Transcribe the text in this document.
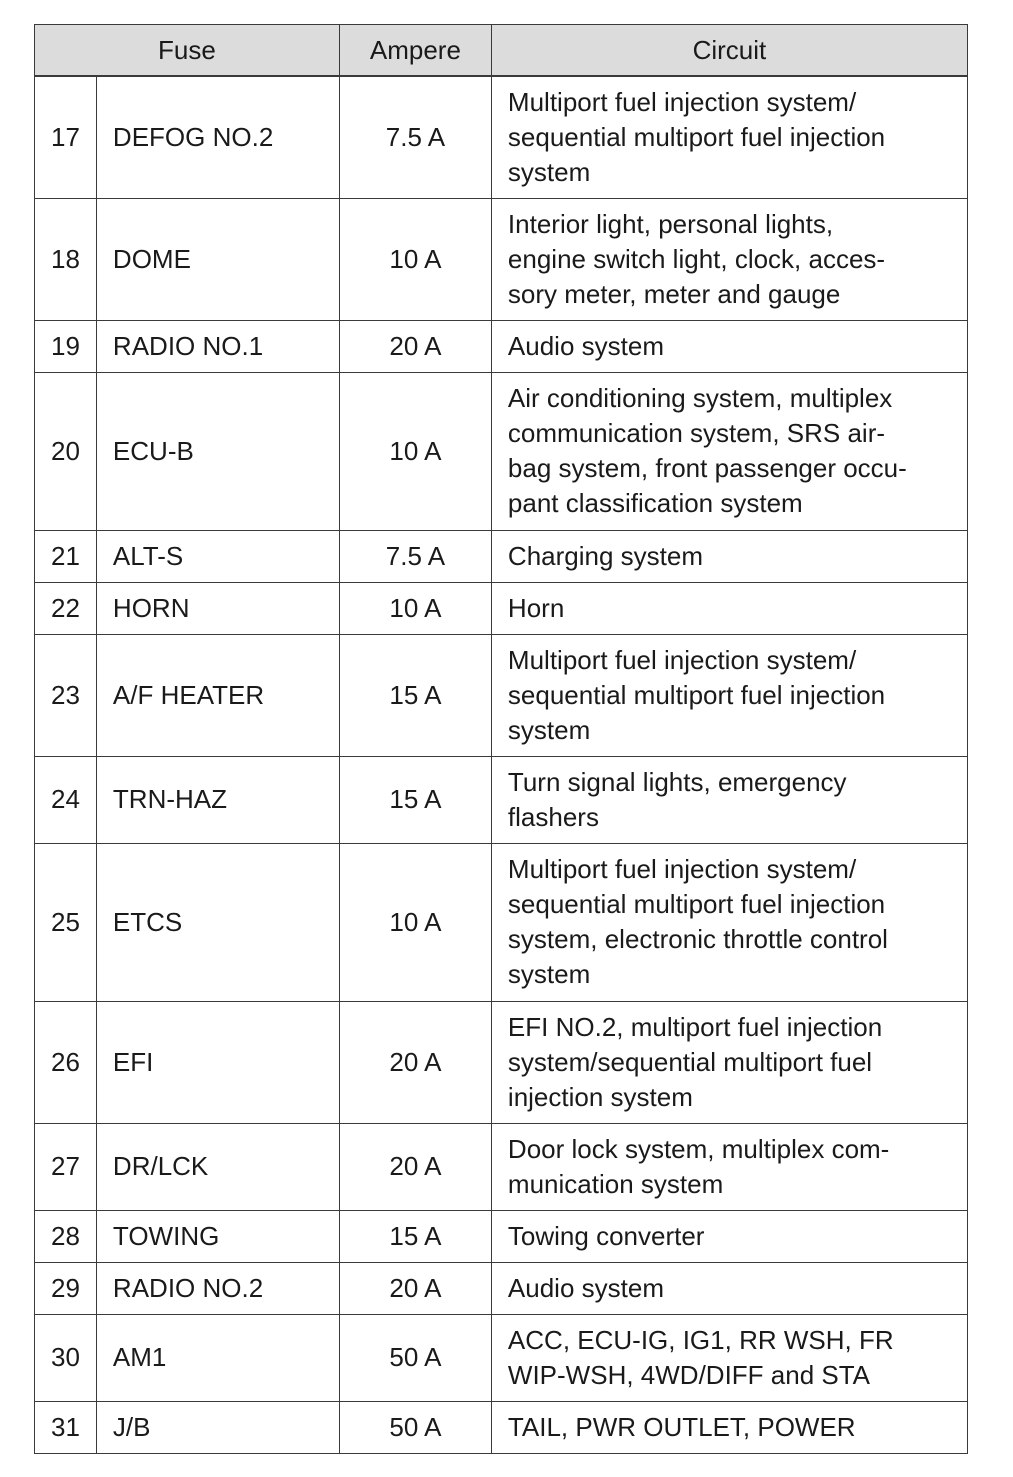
Fuse		Ampere	Circuit
17	DEFOG NO.2	7.5 A	Multiport fuel injection system/
sequential multiport fuel injection
system

18	DOME	10 A	Interior light, personal lights,
engine switch light, clock, acces-
sory meter, meter and gauge

19	RADIO NO.1	20 A	Audio system

20	ECU-B	10 A	Air conditioning system, multiplex
communication system, SRS air-
bag system, front passenger occu-
pant classification system

21	ALT-S	7.5 A	Charging system

22	HORN	10 A	Horn

23	A/F HEATER	15 A	Multiport fuel injection system/
sequential multiport fuel injection
system

24	TRN-HAZ	15 A	Turn signal lights, emergency
flashers

25	ETCS	10 A	Multiport fuel injection system/
sequential multiport fuel injection
system, electronic throttle control
system

26	EFI	20 A	EFI NO.2, multiport fuel injection
system/sequential multiport fuel
injection system

27	DR/LCK	20 A	Door lock system, multiplex com-
munication system

28	TOWING	15 A	Towing converter

29	RADIO NO.2	20 A	Audio system

30	AM1	50 A	ACC, ECU-IG, IG1, RR WSH, FR
WIP-WSH, 4WD/DIFF and STA

31	J/B	50 A	TAIL, PWR OUTLET, POWER
